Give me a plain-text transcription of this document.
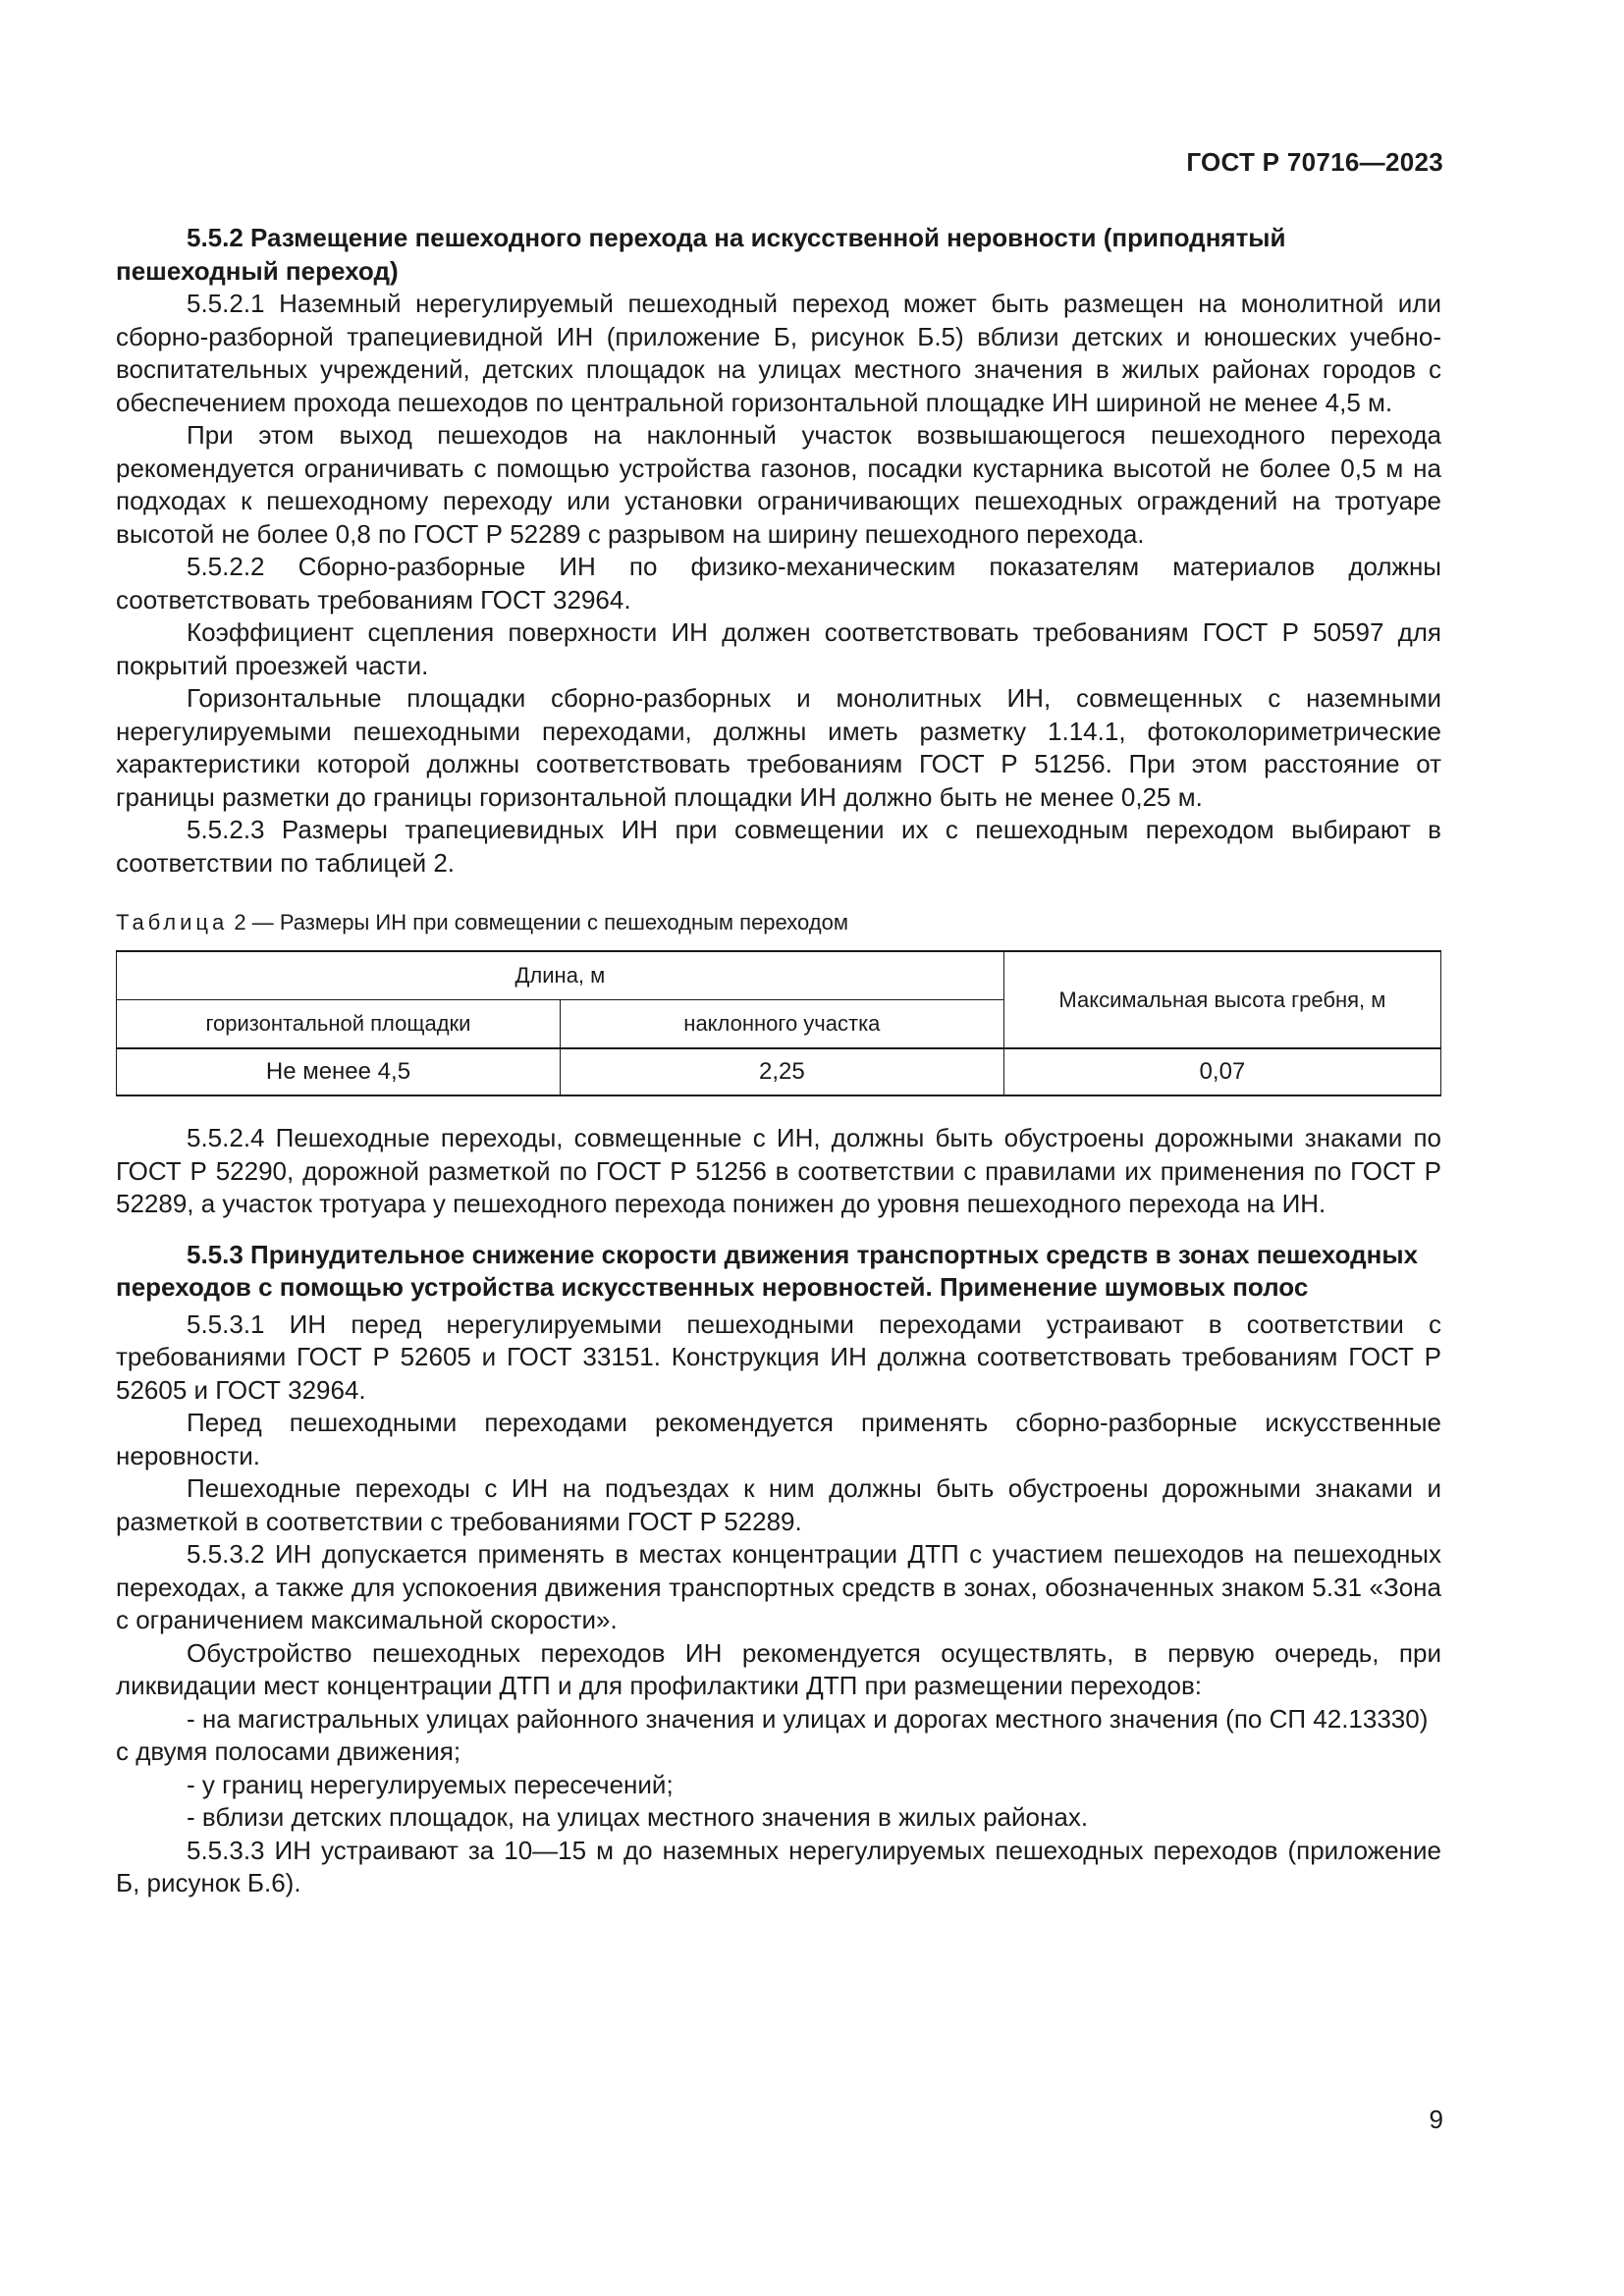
ГОСТ Р 70716—2023

5.5.2 Размещение пешеходного перехода на искусственной неровности (приподнятый пешеходный переход)

5.5.2.1 Наземный нерегулируемый пешеходный переход может быть размещен на монолитной или сборно-разборной трапециевидной ИН (приложение Б, рисунок Б.5) вблизи детских и юношеских учебно-воспитательных учреждений, детских площадок на улицах местного значения в жилых районах городов с обеспечением прохода пешеходов по центральной горизонтальной площадке ИН шириной не менее 4,5 м.

При этом выход пешеходов на наклонный участок возвышающегося пешеходного перехода рекомендуется ограничивать с помощью устройства газонов, посадки кустарника высотой не более 0,5 м на подходах к пешеходному переходу или установки ограничивающих пешеходных ограждений на тротуаре высотой не более 0,8 по ГОСТ Р 52289 с разрывом на ширину пешеходного перехода.

5.5.2.2 Сборно-разборные ИН по физико-механическим показателям материалов должны соответствовать требованиям ГОСТ 32964.

Коэффициент сцепления поверхности ИН должен соответствовать требованиям ГОСТ Р 50597 для покрытий проезжей части.

Горизонтальные площадки сборно-разборных и монолитных ИН, совмещенных с наземными нерегулируемыми пешеходными переходами, должны иметь разметку 1.14.1, фотоколориметрические характеристики которой должны соответствовать требованиям ГОСТ Р 51256. При этом расстояние от границы разметки до границы горизонтальной площадки ИН должно быть не менее 0,25 м.

5.5.2.3 Размеры трапециевидных ИН при совмещении их с пешеходным переходом выбирают в соответствии по таблицей 2.

Таблица 2 — Размеры ИН при совмещении с пешеходным переходом
Длина, м		Максимальная высота гребня, м
горизонтальной площадки	наклонного участка	
Не менее 4,5	2,25	0,07

5.5.2.4 Пешеходные переходы, совмещенные с ИН, должны быть обустроены дорожными знаками по ГОСТ Р 52290, дорожной разметкой по ГОСТ Р 51256 в соответствии с правилами их применения по ГОСТ Р 52289, а участок тротуара у пешеходного перехода понижен до уровня пешеходного перехода на ИН.

5.5.3 Принудительное снижение скорости движения транспортных средств в зонах пешеходных переходов с помощью устройства искусственных неровностей. Применение шумовых полос

5.5.3.1 ИН перед нерегулируемыми пешеходными переходами устраивают в соответствии с требованиями ГОСТ Р 52605 и ГОСТ 33151. Конструкция ИН должна соответствовать требованиям ГОСТ Р 52605 и ГОСТ 32964.

Перед пешеходными переходами рекомендуется применять сборно-разборные искусственные неровности.

Пешеходные переходы с ИН на подъездах к ним должны быть обустроены дорожными знаками и разметкой в соответствии с требованиями ГОСТ Р 52289.

5.5.3.2 ИН допускается применять в местах концентрации ДТП с участием пешеходов на пешеходных переходах, а также для успокоения движения транспортных средств в зонах, обозначенных знаком 5.31 «Зона с ограничением максимальной скорости».

Обустройство пешеходных переходов ИН рекомендуется осуществлять, в первую очередь, при ликвидации мест концентрации ДТП и для профилактики ДТП при размещении переходов:

- на магистральных улицах районного значения и улицах и дорогах местного значения (по СП 42.13330) с двумя полосами движения;

- у границ нерегулируемых пересечений;

- вблизи детских площадок, на улицах местного значения в жилых районах.

5.5.3.3 ИН устраивают за 10—15 м до наземных нерегулируемых пешеходных переходов (приложение Б, рисунок Б.6).

9
